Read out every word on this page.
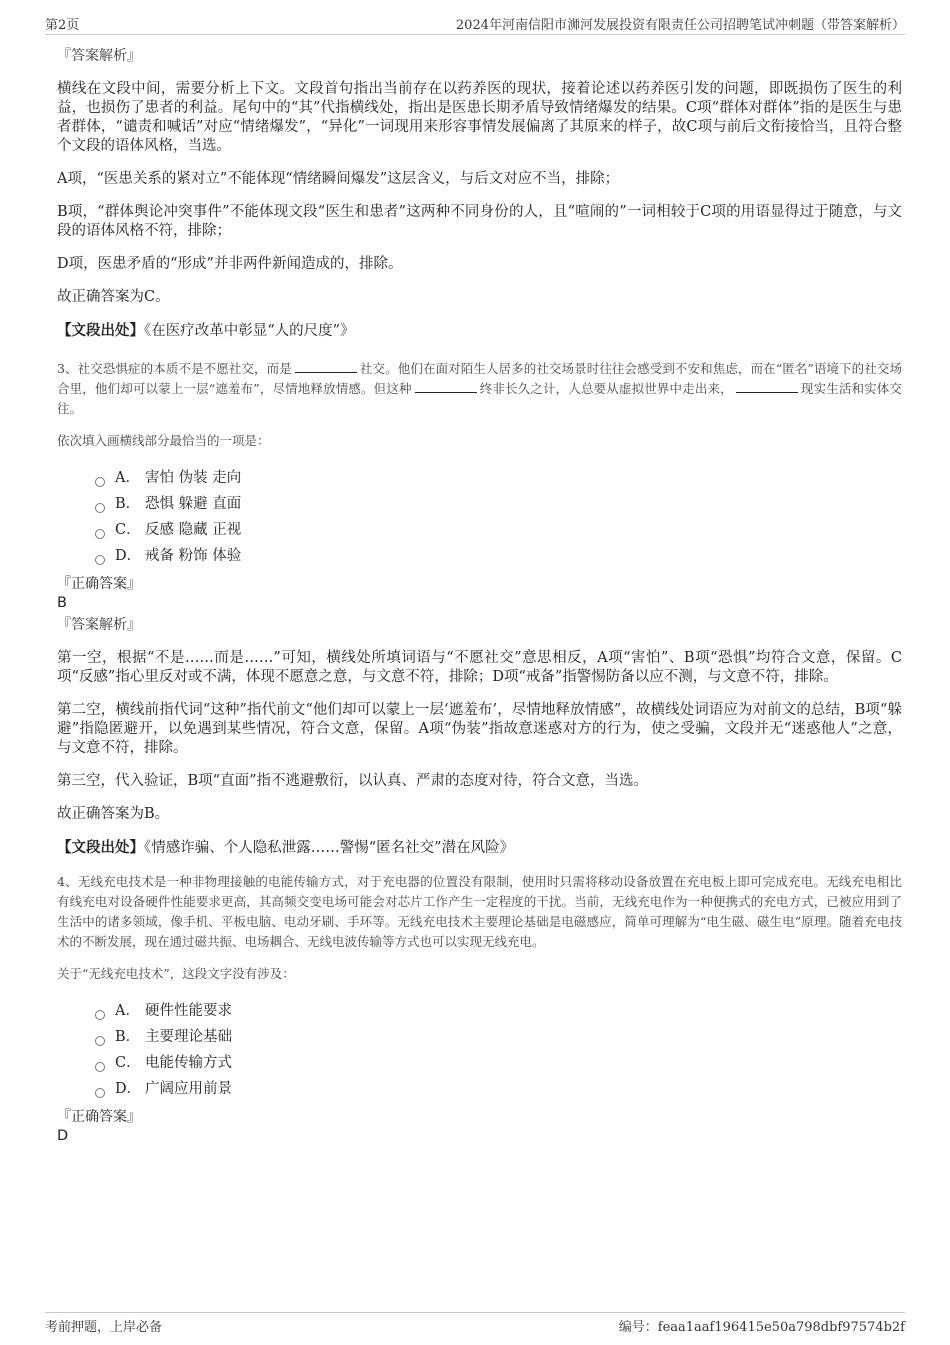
第2页	2024年河南信阳市浉河发展投资有限责任公司招聘笔试冲刺题（带答案解析）
『答案解析』

横线在文段中间，需要分析上下文。文段首句指出当前存在以药养医的现状，接着论述以药养医引发的问题，即既损伤了医生的利益，也损伤了患者的利益。尾句中的“其”代指横线处，指出是医患长期矛盾导致情绪爆发的结果。C项“群体对群体”指的是医生与患者群体，“谴责和喊话”对应“情绪爆发”，“异化”一词现用来形容事情发展偏离了其原来的样子，故C项与前后文衔接恰当，且符合整个文段的语体风格，当选。

A项，“医患关系的紧对立”不能体现“情绪瞬间爆发”这层含义，与后文对应不当，排除；

B项，“群体舆论冲突事件”不能体现文段“医生和患者”这两种不同身份的人，且“喧闹的”一词相较于C项的用语显得过于随意，与文段的语体风格不符，排除；

D项，医患矛盾的“形成”并非两件新闻造成的，排除。

故正确答案为C。

【文段出处】《在医疗改革中彰显“人的尺度”》

3、社交恐惧症的本质不是不愿社交，而是	社交。他们在面对陌生人居多的社交场景时往往会感受到不安和焦虑，而在“匿名”语境下的社交场合里，他们却可以蒙上一层“遮羞布”，尽情地释放情感。但这种	终非长久之计，人总要从虚拟世界中走出来，	现实生活和实体交往。

依次填入画横线部分最恰当的一项是：

A． 害怕 伪装 走向
B． 恐惧 躲避 直面
C． 反感 隐藏 正视
D． 戒备 粉饰 体验

『正确答案』

B

『答案解析』

第一空，根据“不是……而是……”可知，横线处所填词语与“不愿社交”意思相反，A项“害怕”、B项“恐惧”均符合文意，保留。C项“反感”指心里反对或不满，体现不愿意之意，与文意不符，排除；D项“戒备”指警惕防备以应不测，与文意不符，排除。

第二空，横线前指代词“这种”指代前文“他们却可以蒙上一层‘遮羞布’，尽情地释放情感”，故横线处词语应为对前文的总结，B项“躲避”指隐匿避开，以免遇到某些情况，符合文意，保留。A项“伪装”指故意迷惑对方的行为，使之受骗，文段并无“迷惑他人”之意，与文意不符，排除。

第三空，代入验证，B项“直面”指不逃避敷衍，以认真、严肃的态度对待，符合文意，当选。

故正确答案为B。

【文段出处】《情感诈骗、个人隐私泄露……警惕“匿名社交”潜在风险》

4、无线充电技术是一种非物理接触的电能传输方式，对于充电器的位置没有限制，使用时只需将移动设备放置在充电板上即可完成充电。无线充电相比有线充电对设备硬件性能要求更高，其高频交变电场可能会对芯片工作产生一定程度的干扰。当前，无线充电作为一种便携式的充电方式，已被应用到了生活中的诸多领域，像手机、平板电脑、电动牙刷、手环等。无线充电技术主要理论基础是电磁感应，简单可理解为“电生磁、磁生电”原理。随着充电技术的不断发展，现在通过磁共振、电场耦合、无线电波传输等方式也可以实现无线充电。

关于“无线充电技术”，这段文字没有涉及：

A． 硬件性能要求
B． 主要理论基础
C． 电能传输方式
D． 广阔应用前景

『正确答案』

D

考前押题，上岸必备	编号：feaa1aaf196415e50a798dbf97574b2f
